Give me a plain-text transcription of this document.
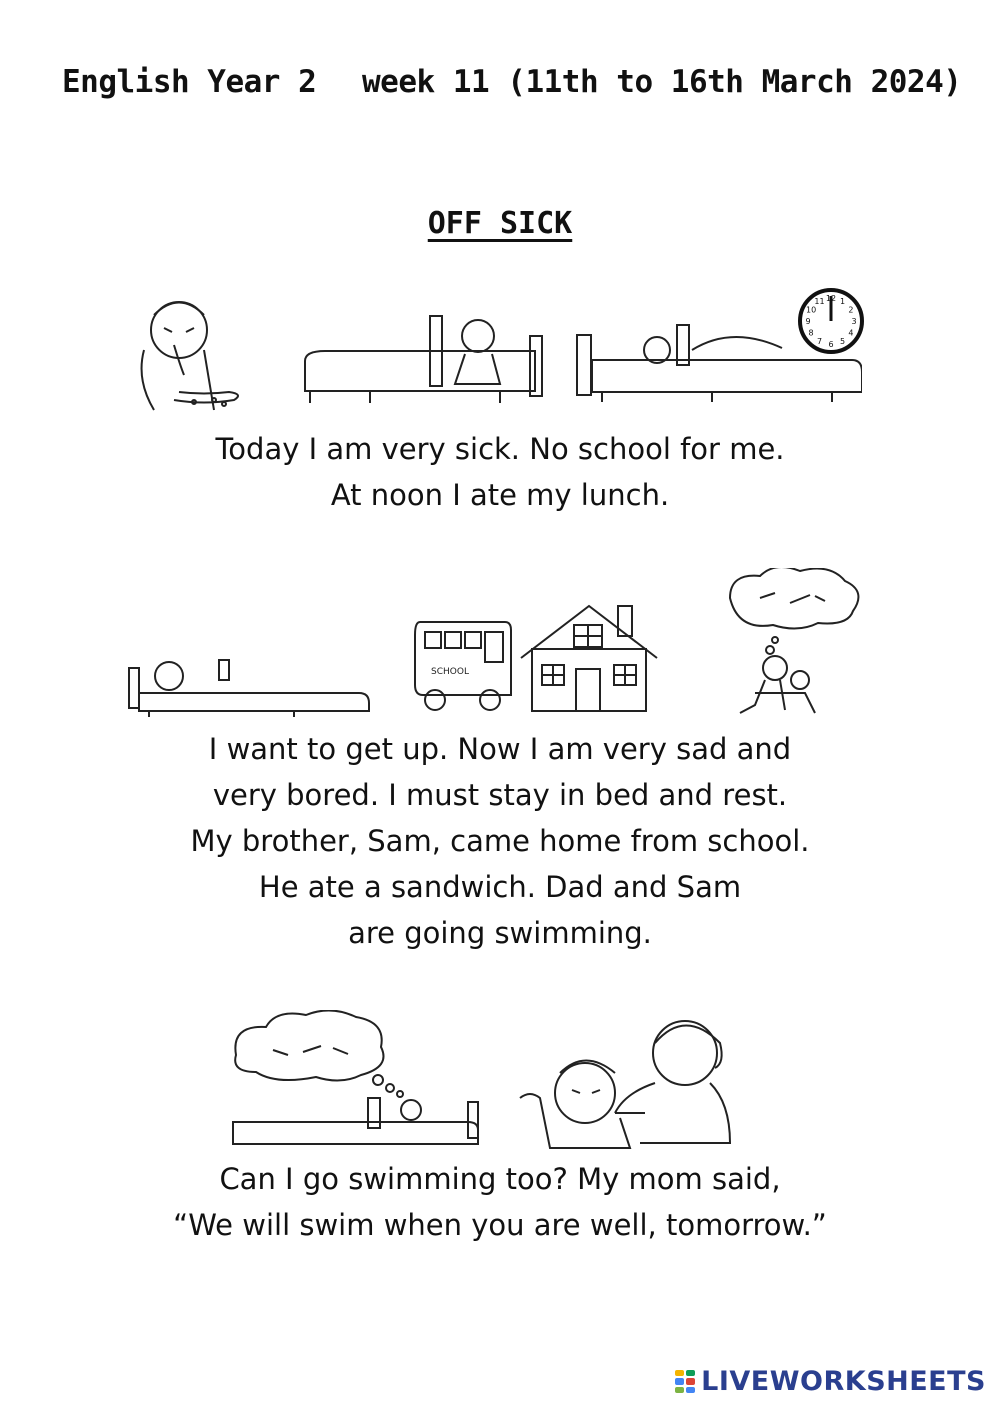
English Year 2 week 11 (11th to 16th March 2024)
OFF SICK
12 1
2
3
4
5
6
7
8
9
10
11
Today I am very sick. No school for me.
At noon I ate my lunch.
SCHOOL
I want to get up. Now I am very sad and
very bored. I must stay in bed and rest.
My brother, Sam, came home from school.
He ate a sandwich. Dad and Sam
are going swimming.
Can I go swimming too? My mom said,
“We will swim when you are well, tomorrow.”
LIVEWORKSHEETS
